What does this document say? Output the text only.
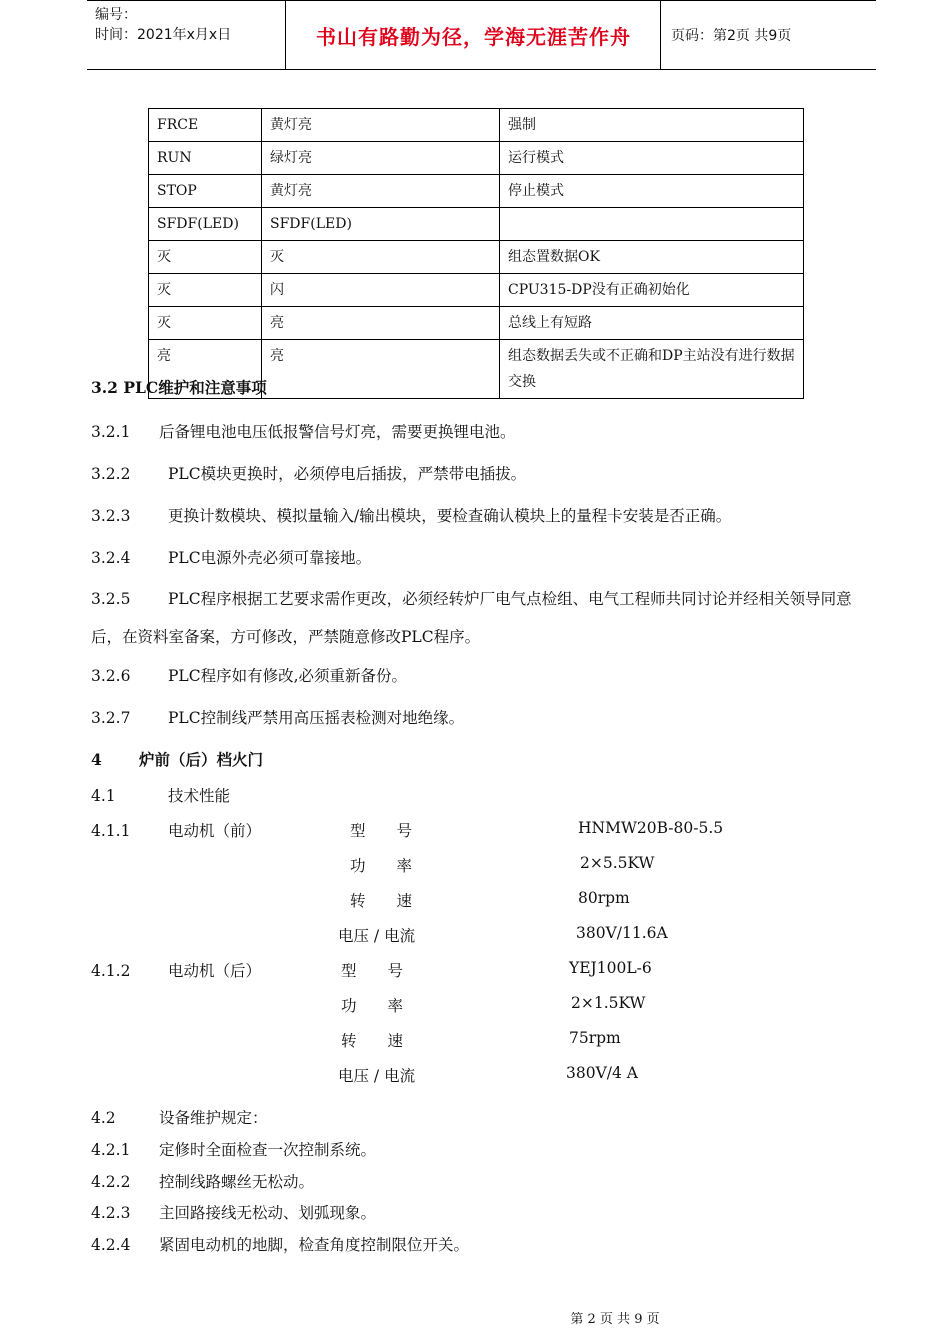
编号：
时间：2021年x月x日	书山有路勤为径，学海无涯苦作舟	页码：第2页 共9页
FRCE	黄灯亮	强制
RUN	绿灯亮	运行模式
STOP	黄灯亮	停止模式
SFDF(LED)	SFDF(LED)	
灭	灭	组态置数据OK
灭	闪	CPU315-DP没有正确初始化
灭	亮	总线上有短路
亮	亮	组态数据丢失或不正确和DP主站没有进行数据交换
3.2 PLC维护和注意事项
3.2.1 后备锂电池电压低报警信号灯亮，需要更换锂电池。
3.2.2 PLC模块更换时，必须停电后插拔，严禁带电插拔。
3.2.3 更换计数模块、模拟量输入/输出模块，要检查确认模块上的量程卡安装是否正确。
3.2.4 PLC电源外壳必须可靠接地。
3.2.5 PLC程序根据工艺要求需作更改，必须经转炉厂电气点检组、电气工程师共同讨论并经相关领导同意后，在资料室备案，方可修改，严禁随意修改PLC程序。
3.2.6 PLC程序如有修改,必须重新备份。
3.2.7 PLC控制线严禁用高压摇表检测对地绝缘。
4 炉前（后）档火门
4.1	技术性能
4.1.1 电动机（前）	型　　号	HNMW20B-80-5.5
功　　率	2×5.5KW
转　　速	80rpm
电压 / 电流	380V/11.6A
4.1.2 电动机（后）	型　　号	YEJ100L-6
功　　率	2×1.5KW
转　　速	75rpm
电压 / 电流	380V/4 A
4.2	设备维护规定：
4.2.1 定修时全面检查一次控制系统。
4.2.2 控制线路螺丝无松动。
4.2.3 主回路接线无松动、划弧现象。
4.2.4 紧固电动机的地脚，检查角度控制限位开关。
第 2 页 共 9 页
